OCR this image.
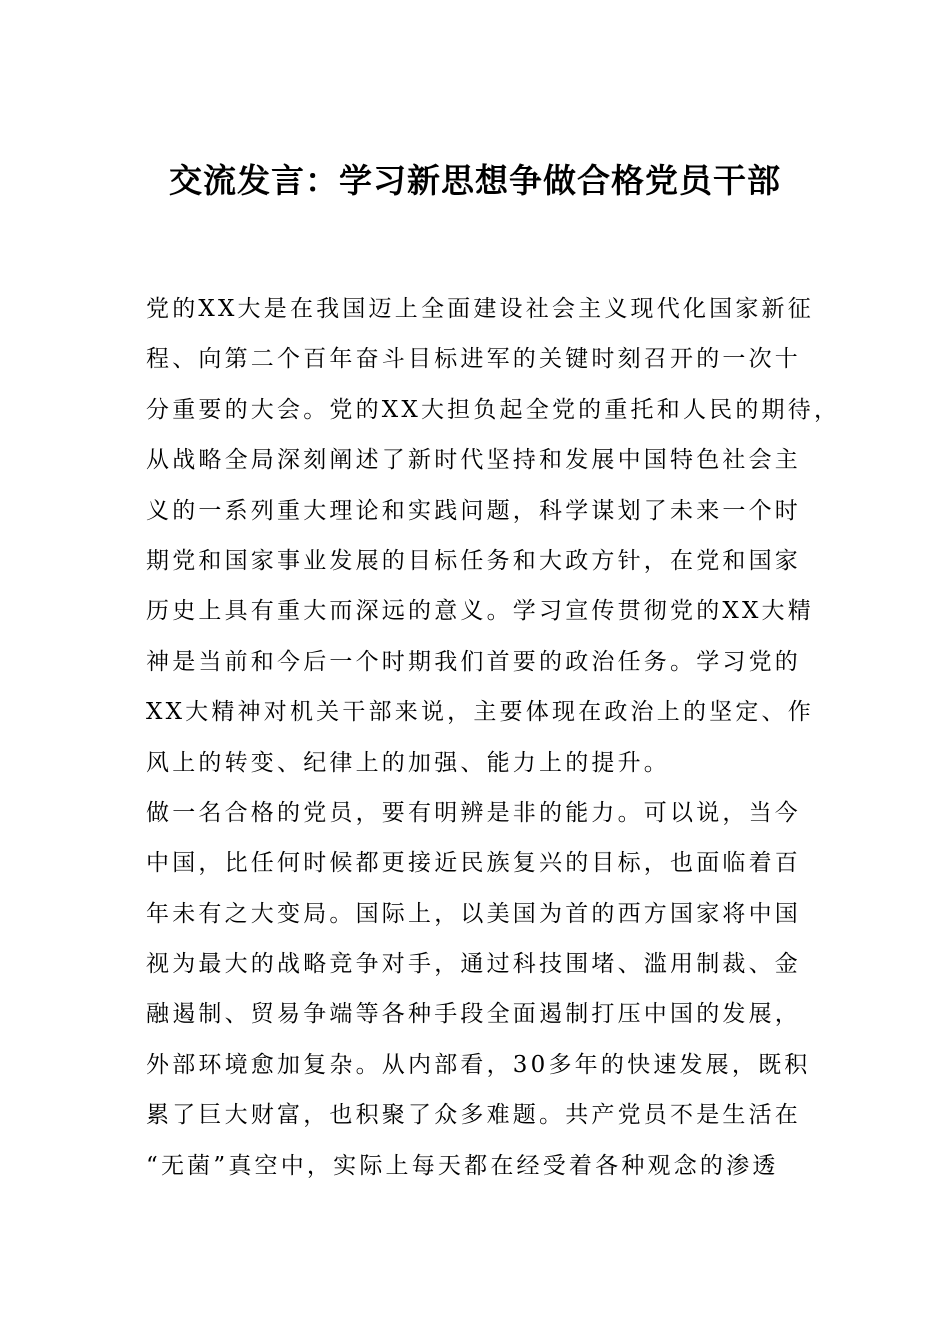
交流发言：学习新思想争做合格党员干部
党的XX大是在我国迈上全面建设社会主义现代化国家新征
程、向第二个百年奋斗目标进军的关键时刻召开的一次十
分重要的大会。党的XX大担负起全党的重托和人民的期待，
从战略全局深刻阐述了新时代坚持和发展中国特色社会主
义的一系列重大理论和实践问题，科学谋划了未来一个时
期党和国家事业发展的目标任务和大政方针，在党和国家
历史上具有重大而深远的意义。学习宣传贯彻党的XX大精
神是当前和今后一个时期我们首要的政治任务。学习党的
XX大精神对机关干部来说，主要体现在政治上的坚定、作
风上的转变、纪律上的加强、能力上的提升。
做一名合格的党员，要有明辨是非的能力。可以说，当今
中国，比任何时候都更接近民族复兴的目标，也面临着百
年未有之大变局。国际上，以美国为首的西方国家将中国
视为最大的战略竞争对手，通过科技围堵、滥用制裁、金
融遏制、贸易争端等各种手段全面遏制打压中国的发展，
外部环境愈加复杂。从内部看，30多年的快速发展，既积
累了巨大财富，也积聚了众多难题。共产党员不是生活在
“无菌”真空中，实际上每天都在经受着各种观念的渗透
